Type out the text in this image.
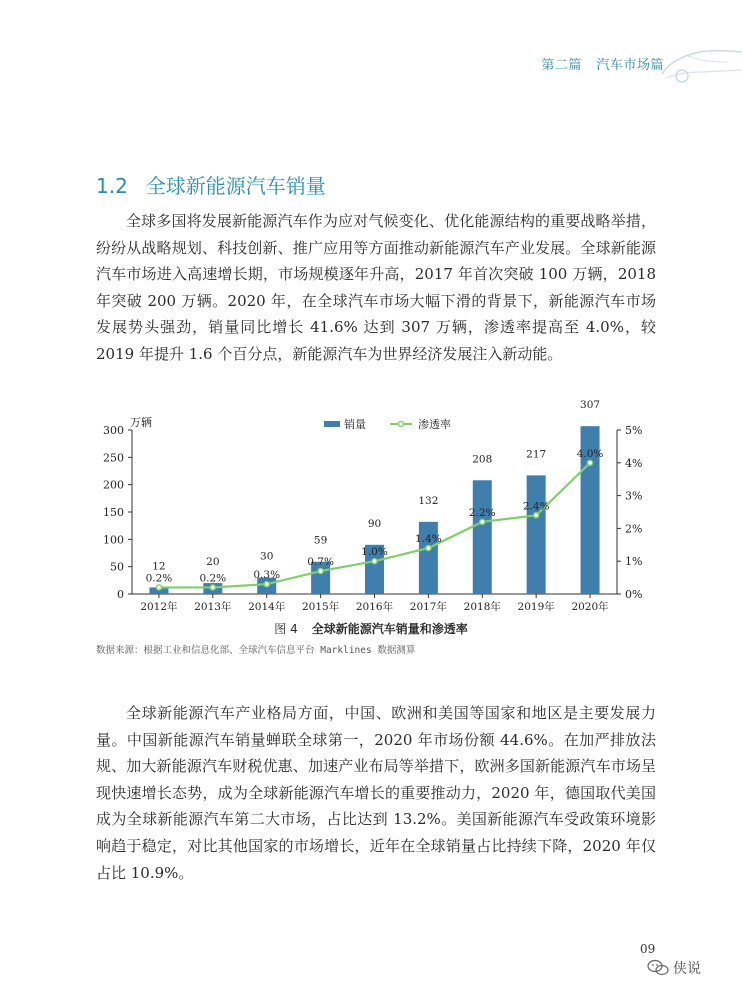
第二篇 汽车市场篇
1.2 全球新能源汽车销量

全球多国将发展新能源汽车作为应对气候变化、优化能源结构的重要战略举措，纷纷从战略规划、科技创新、推广应用等方面推动新能源汽车产业发展。全球新能源汽车市场进入高速增长期，市场规模逐年升高，2017 年首次突破 100 万辆，2018 年突破 200 万辆。2020 年，在全球汽车市场大幅下滑的背景下，新能源汽车市场发展势头强劲，销量同比增长 41.6% 达到 307 万辆，渗透率提高至 4.0%，较 2019 年提升 1.6 个百分点，新能源汽车为世界经济发展注入新动能。

0
50
100
150
200
250
300
0%
1%
2%
3%
4%
5%
万辆
12
2012年
20
2013年
30
2014年
59
2015年
90
2016年
132
2017年
208
2018年
217
2019年
307
2020年
0.2%	0.2%	0.3%
0.7%
1.0%
1.4%
2.2%
2.4%
4.0%
销量	渗透率
图 4 全球新能源汽车销量和渗透率
数据来源：根据工业和信息化部、全球汽车信息平台 Marklines 数据测算

全球新能源汽车产业格局方面，中国、欧洲和美国等国家和地区是主要发展力量。中国新能源汽车销量蝉联全球第一，2020 年市场份额 44.6%。在加严排放法规、加大新能源汽车财税优惠、加速产业布局等举措下，欧洲多国新能源汽车市场呈现快速增长态势，成为全球新能源汽车增长的重要推动力，2020 年，德国取代美国成为全球新能源汽车第二大市场，占比达到 13.2%。美国新能源汽车受政策环境影响趋于稳定，对比其他国家的市场增长，近年在全球销量占比持续下降，2020 年仅占比 10.9%。

09
侠说
